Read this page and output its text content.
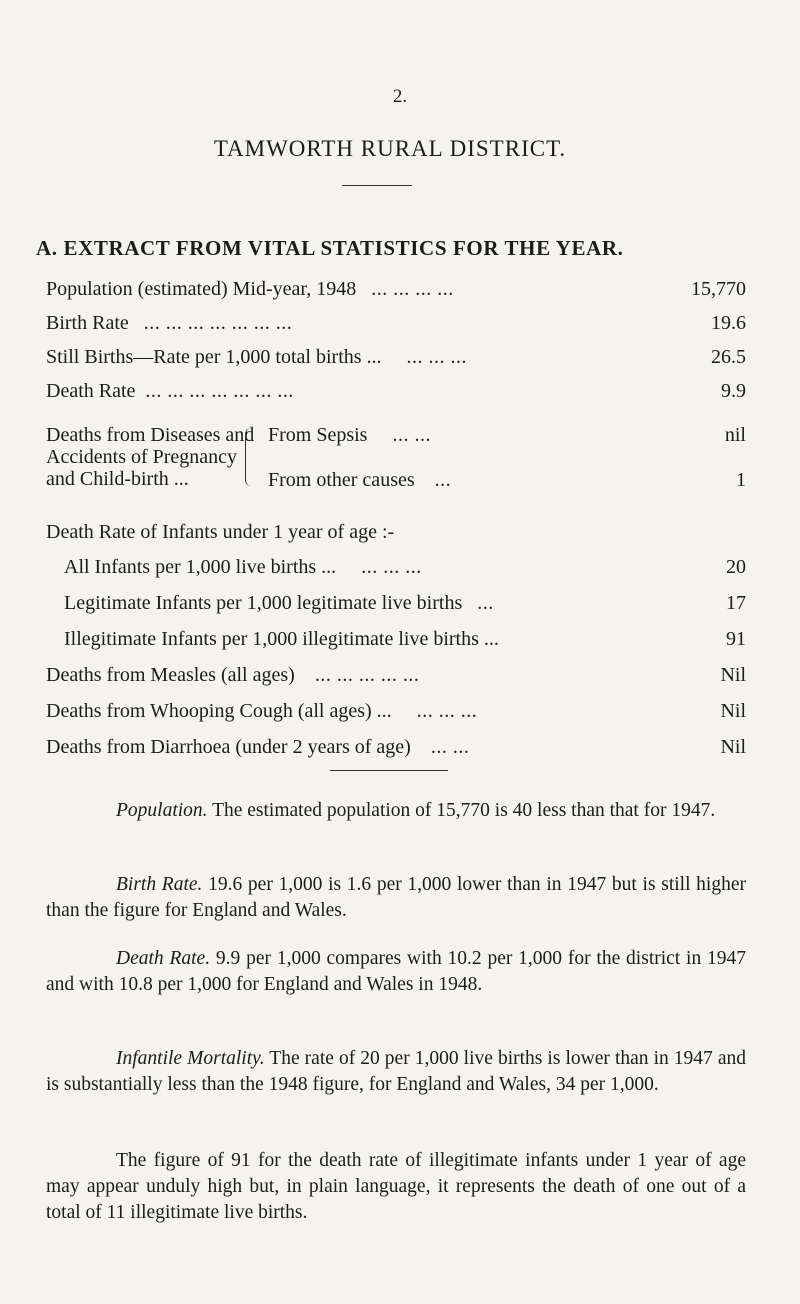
2.
TAMWORTH RURAL DISTRICT.
A. EXTRACT FROM VITAL STATISTICS FOR THE YEAR.
Population (estimated) Mid-year, 1948 ... ... ... ...	15,770
Birth Rate ... ... ... ... ... ... ...	19.6
Still Births—Rate per 1,000 total births ... ... ... ...	26.5
Death Rate ... ... ... ... ... ... ...	9.9
Deaths from Diseases and
Accidents of Pregnancy
and Child-birth ...
From Sepsis ... ...	nil
From other causes ...	1
Death Rate of Infants under 1 year of age :-
All Infants per 1,000 live births ... ... ... ...	20
Legitimate Infants per 1,000 legitimate live births ...	17
Illegitimate Infants per 1,000 illegitimate live births ...	91
Deaths from Measles (all ages) ... ... ... ... ...	Nil
Deaths from Whooping Cough (all ages) ... ... ... ...	Nil
Deaths from Diarrhoea (under 2 years of age) ... ...	Nil
Population. The estimated population of 15,770 is 40 less than that for 1947.
Birth Rate. 19.6 per 1,000 is 1.6 per 1,000 lower than in 1947 but is still higher than the figure for England and Wales.
Death Rate. 9.9 per 1,000 compares with 10.2 per 1,000 for the district in 1947 and with 10.8 per 1,000 for England and Wales in 1948.
Infantile Mortality. The rate of 20 per 1,000 live births is lower than in 1947 and is substantially less than the 1948 figure, for England and Wales, 34 per 1,000.
The figure of 91 for the death rate of illegitimate infants under 1 year of age may appear unduly high but, in plain language, it represents the death of one out of a total of 11 illegitimate live births.
